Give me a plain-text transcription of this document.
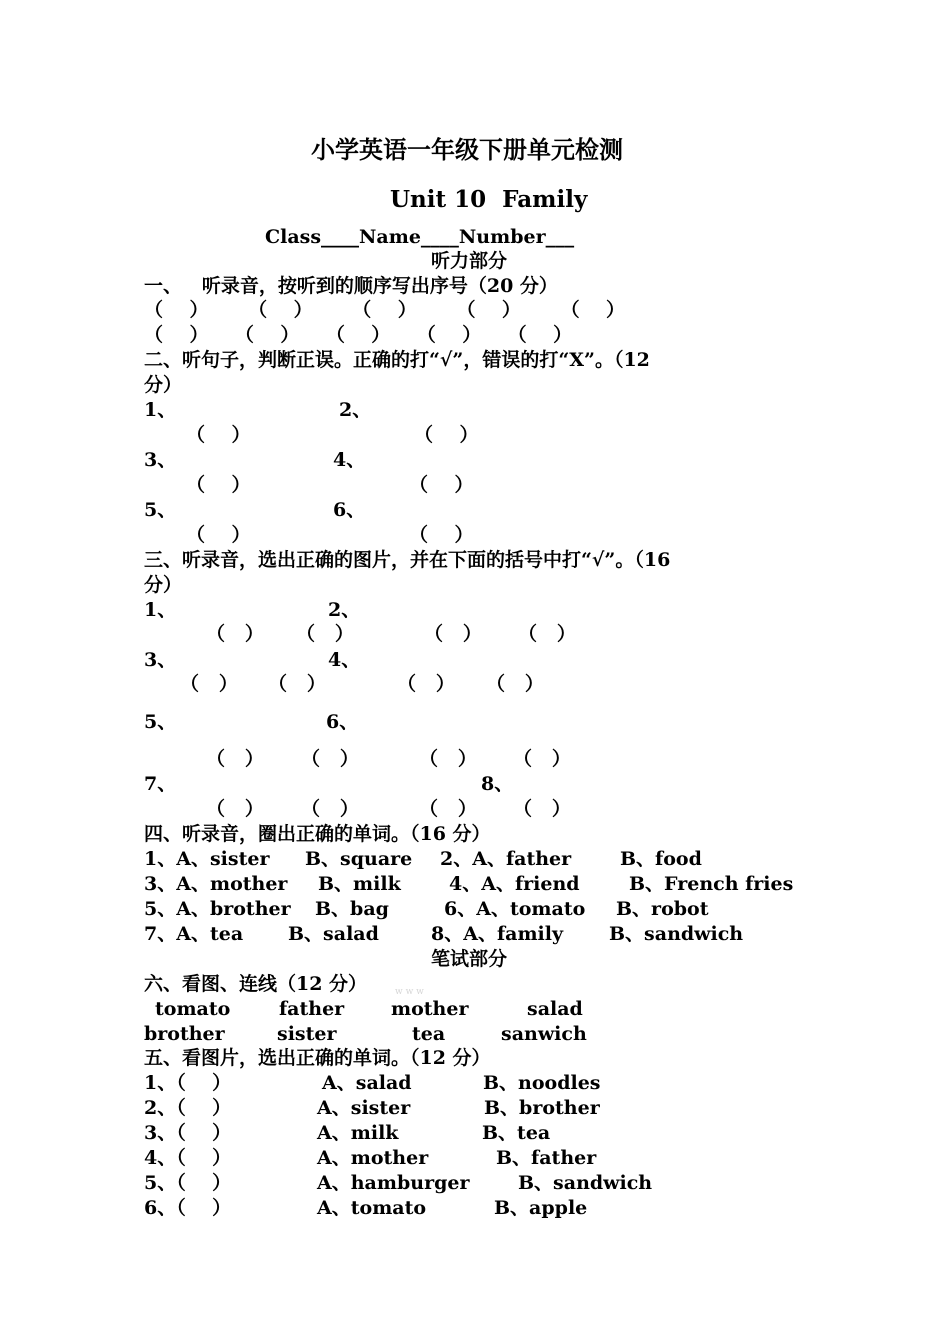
小学英语一年级下册单元检测
Unit 10  Family
Class____Name____Number___
听力部分
一、   听录音，按听到的顺序写出序号（20 分）
（    ）      （    ）      （    ）      （    ）      （    ）
（    ）    （    ）    （    ）    （    ）    （    ）
二、听句子，判断正误。正确的打“√”，错误的打“X”。（12
分）
1、	2、
（    ）	（    ）
3、	4、
（    ）	（    ）
5、	6、
（    ）	（    ）
三、听录音，选出正确的图片，并在下面的括号中打“√”。（16
分）
1、	2、
（   ） （   ）	（   ） （   ）
3、	4、
（   ） （   ）	（   ） （   ）
5、	6、
（   ） （   ）	（   ） （   ）
7、	8、
（   ） （   ）	（   ） （   ）
四、听录音，圈出正确的单词。（16 分）
1、A、sister B、square 2、A、father	B、food
3、A、mother B、milk	4、A、friend	B、French fries
5、A、brother B、bag	6、A、tomato B、robot
7、A、tea B、salad	8、A、family B、sandwich
笔试部分
六、看图、连线（12 分）	w w w
tomato	father mother	salad
brother	sister	tea	sanwich
五、看图片，选出正确的单词。（12 分）
1、（    ）	A、salad	B、noodles
2、（    ）	A、sister	B、brother
3、（    ）	A、milk	B、tea
4、（    ）	A、mother	B、father
5、（    ）	A、hamburger	B、sandwich
6、（    ）	A、tomato	B、apple
